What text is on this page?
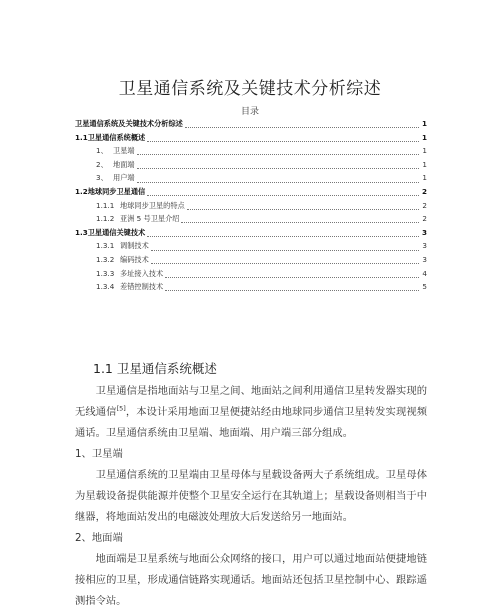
卫星通信系统及关键技术分析综述
目录
卫星通信系统及关键技术分析综述	1
1.1 卫星通信系统概述	1
1、 卫星端	1
2、 地面端	1
3、 用户端	1
1.2 地球同步卫星通信	2
1.1.1 地球同步卫星的特点	2
1.1.2 亚洲 5 号卫星介绍	2
1.3 卫星通信关键技术	3
1.3.1 调制技术	3
1.3.2 编码技术	3
1.3.3 多址接入技术	4
1.3.4 差错控制技术	5
1.1 卫星通信系统概述

卫星通信是指地面站与卫星之间、地面站之间利用通信卫星转发器实现的无线通信[5]，本设计采用地面卫星便捷站经由地球同步通信卫星转发实现视频通话。卫星通信系统由卫星端、地面端、用户端三部分组成。

1、卫星端

卫星通信系统的卫星端由卫星母体与星载设备两大子系统组成。卫星母体为星载设备提供能源并使整个卫星安全运行在其轨道上；星载设备则相当于中继器，将地面站发出的电磁波处理放大后发送给另一地面站。

2、地面端

地面端是卫星系统与地面公众网络的接口，用户可以通过地面站便捷地链接相应的卫星，形成通信链路实现通话。地面站还包括卫星控制中心、跟踪遥测指令站。
